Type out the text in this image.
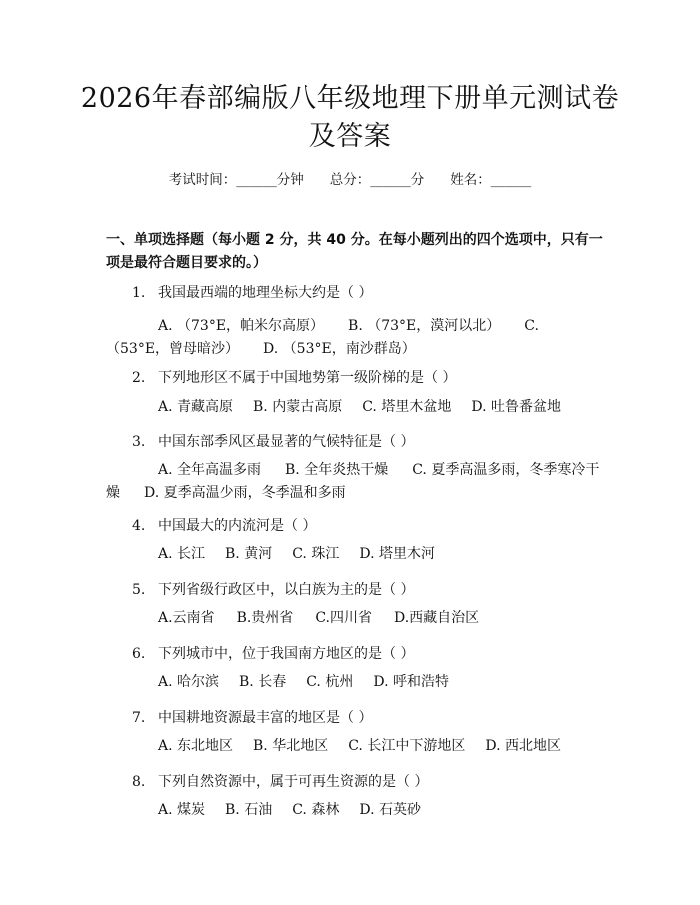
2026年春部编版八年级地理下册单元测试卷
及答案
考试时间：______分钟 总分：______分 姓名：______
一、单项选择题（每小题 2 分，共 40 分。在每小题列出的四个选项中，只有一项是最符合题目要求的。）
1. 我国最西端的地理坐标大约是（ ）
A. （73°E，帕米尔高原） B. （73°E，漠河以北） C. （53°E，曾母暗沙） D. （53°E，南沙群岛）
2. 下列地形区不属于中国地势第一级阶梯的是（ ）
A. 青藏高原 B. 内蒙古高原 C. 塔里木盆地 D. 吐鲁番盆地
3. 中国东部季风区最显著的气候特征是（ ）
A. 全年高温多雨 B. 全年炎热干燥 C. 夏季高温多雨，冬季寒冷干燥 D. 夏季高温少雨，冬季温和多雨
4. 中国最大的内流河是（ ）
A. 长江 B. 黄河 C. 珠江 D. 塔里木河
5. 下列省级行政区中，以白族为主的是（ ）
A.云南省 B.贵州省 C.四川省 D.西藏自治区
6. 下列城市中，位于我国南方地区的是（ ）
A. 哈尔滨 B. 长春 C. 杭州 D. 呼和浩特
7. 中国耕地资源最丰富的地区是（ ）
A. 东北地区 B. 华北地区 C. 长江中下游地区 D. 西北地区
8. 下列自然资源中，属于可再生资源的是（ ）
A. 煤炭 B. 石油 C. 森林 D. 石英砂
